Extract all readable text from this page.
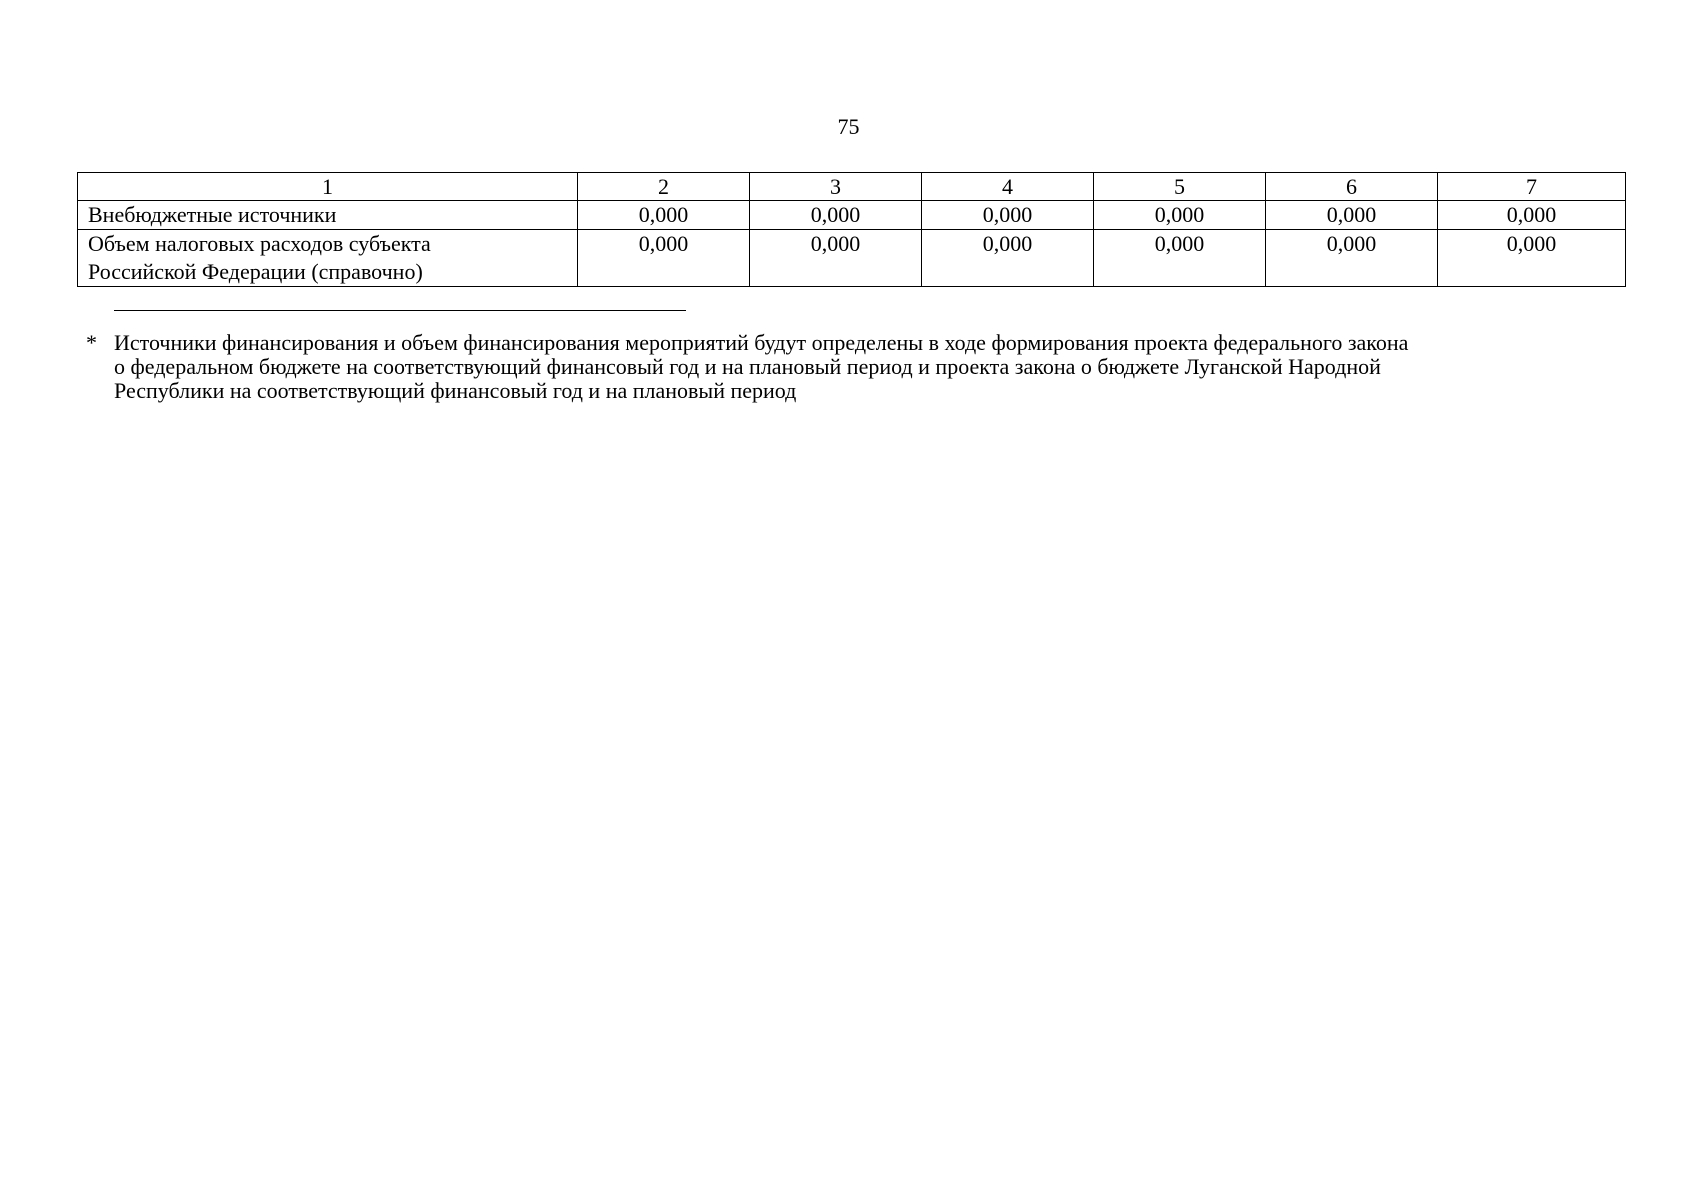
75
1	2	3	4	5	6	7

Внебюджетные источники	0,000	0,000	0,000	0,000	0,000	0,000

Объем налоговых расходов субъекта
Российской Федерации (справочно)	0,000	0,000	0,000	0,000	0,000	0,000
* Источники финансирования и объем финансирования мероприятий будут определены в ходе формирования проекта федерального закона
о федеральном бюджете на соответствующий финансовый год и на плановый период и проекта закона о бюджете Луганской Народной
Республики на соответствующий финансовый год и на плановый период
